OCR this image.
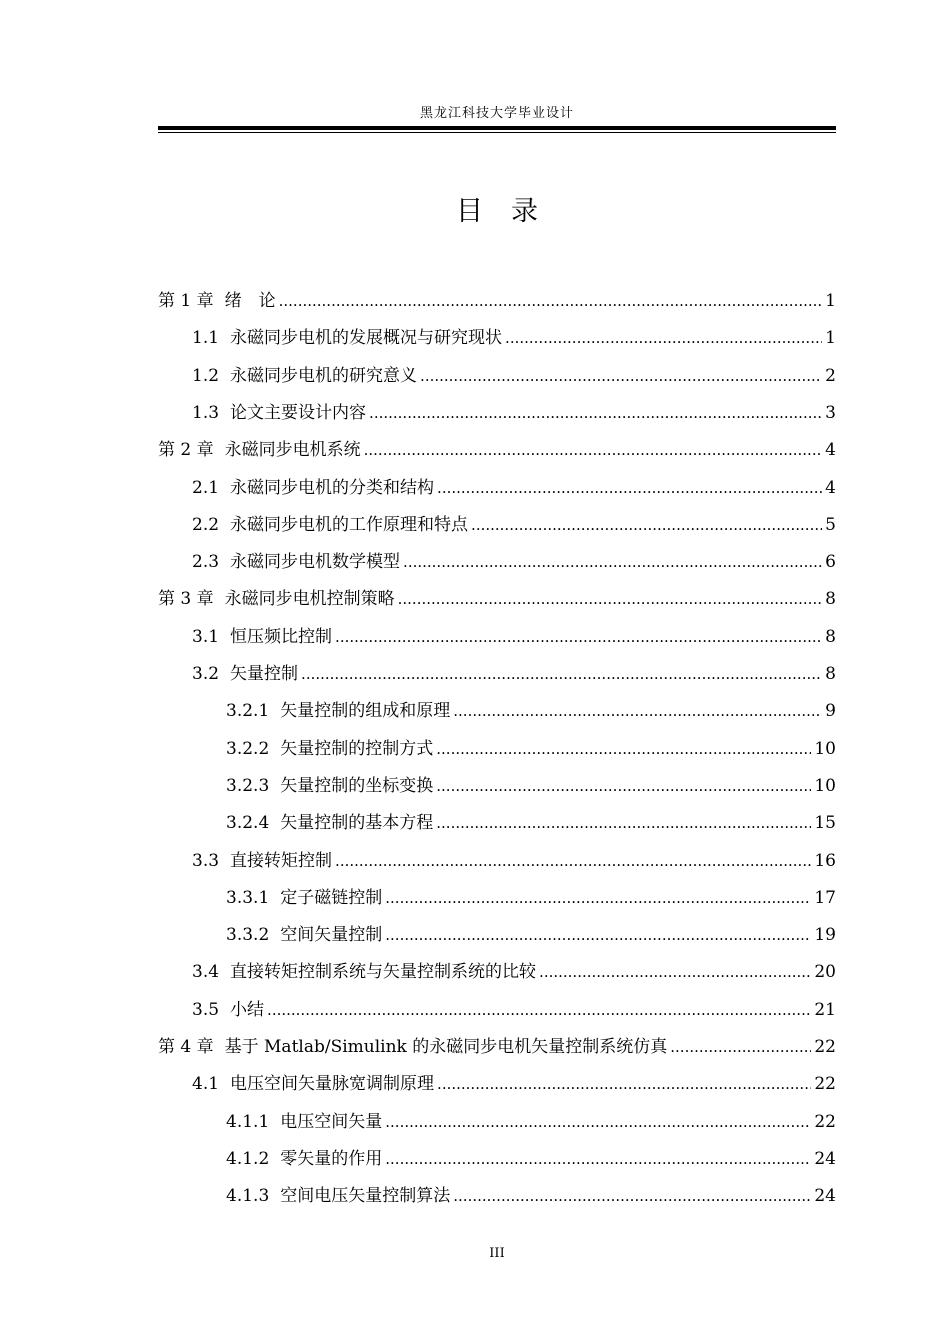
黑龙江科技大学毕业设计
目录
第 1 章 绪　论 .....	1
1.1 永磁同步电机的发展概况与研究现状 .....	1
1.2 永磁同步电机的研究意义 .....	2
1.3 论文主要设计内容 .....	3
第 2 章 永磁同步电机系统 .....	4
2.1 永磁同步电机的分类和结构 .....	4
2.2 永磁同步电机的工作原理和特点 .....	5
2.3 永磁同步电机数学模型 .....	6
第 3 章 永磁同步电机控制策略 .....	8
3.1 恒压频比控制 .....	8
3.2 矢量控制 .....	8
3.2.1 矢量控制的组成和原理 .....	9
3.2.2 矢量控制的控制方式 .....	10
3.2.3 矢量控制的坐标变换 .....	10
3.2.4 矢量控制的基本方程 .....	15
3.3 直接转矩控制 .....	16
3.3.1 定子磁链控制 .....	17
3.3.2 空间矢量控制 .....	19
3.4 直接转矩控制系统与矢量控制系统的比较 .....	20
3.5 小结 .....	21
第 4 章 基于 Matlab/Simulink 的永磁同步电机矢量控制系统仿真 .....	22
4.1 电压空间矢量脉宽调制原理 .....	22
4.1.1 电压空间矢量 .....	22
4.1.2 零矢量的作用 .....	24
4.1.3 空间电压矢量控制算法 .....	24
III
